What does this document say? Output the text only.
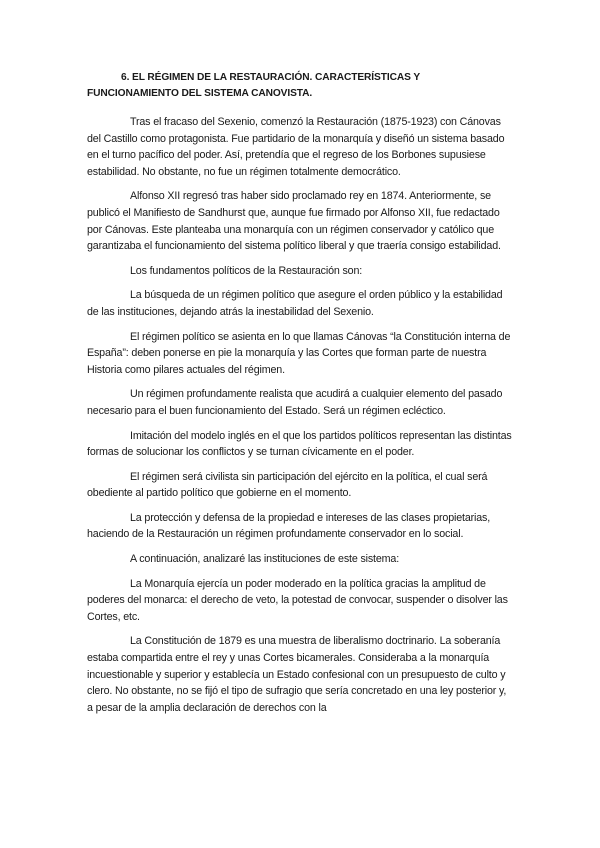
6. EL RÉGIMEN DE LA RESTAURACIÓN. CARACTERÍSTICAS Y FUNCIONAMIENTO DEL SISTEMA CANOVISTA.

Tras el fracaso del Sexenio, comenzó la Restauración (1875-1923) con Cánovas del Castillo como protagonista. Fue partidario de la monarquía y diseñó un sistema basado en el turno pacífico del poder. Así, pretendía que el regreso de los Borbones supusiese estabilidad. No obstante, no fue un régimen totalmente democrático.

Alfonso XII regresó tras haber sido proclamado rey en 1874. Anteriormente, se publicó el Manifiesto de Sandhurst que, aunque fue firmado por Alfonso XII, fue redactado por Cánovas. Este planteaba una monarquía con un régimen conservador y católico que garantizaba el funcionamiento del sistema político liberal y que traería consigo estabilidad.

Los fundamentos políticos de la Restauración son:

La búsqueda de un régimen político que asegure el orden público y la estabilidad de las instituciones, dejando atrás la inestabilidad del Sexenio.

El régimen político se asienta en lo que llamas Cánovas “la Constitución interna de España”: deben ponerse en pie la monarquía y las Cortes que forman parte de nuestra Historia como pilares actuales del régimen.

Un régimen profundamente realista que acudirá a cualquier elemento del pasado necesario para el buen funcionamiento del Estado. Será un régimen ecléctico.

Imitación del modelo inglés en el que los partidos políticos representan las distintas formas de solucionar los conflictos y se turnan cívicamente en el poder.

El régimen será civilista sin participación del ejército en la política, el cual será obediente al partido político que gobierne en el momento.

La protección y defensa de la propiedad e intereses de las clases propietarias, haciendo de la Restauración un régimen profundamente conservador en lo social.

A continuación, analizaré las instituciones de este sistema:

La Monarquía ejercía un poder moderado en la política gracias la amplitud de poderes del monarca: el derecho de veto, la potestad de convocar, suspender o disolver las Cortes, etc.

La Constitución de 1879 es una muestra de liberalismo doctrinario. La soberanía estaba compartida entre el rey y unas Cortes bicamerales. Consideraba a la monarquía incuestionable y superior y establecía un Estado confesional con un presupuesto de culto y clero. No obstante, no se fijó el tipo de sufragio que sería concretado en una ley posterior y, a pesar de la amplia declaración de derechos con la
